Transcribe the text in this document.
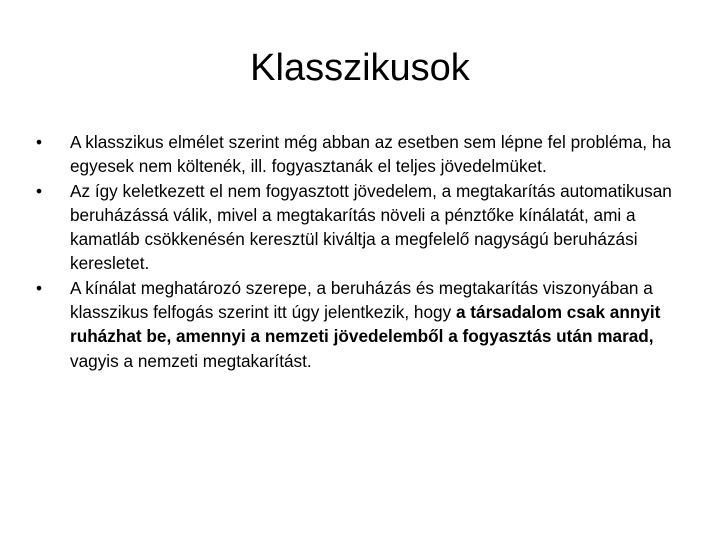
Klasszikusok
•	A klasszikus elmélet szerint még abban az esetben sem lépne fel probléma, ha egyesek nem költenék, ill. fogyasztanák el teljes jövedelmüket.
•	Az így keletkezett el nem fogyasztott jövedelem, a megtakarítás automatikusan beruházássá válik, mivel a megtakarítás növeli a pénztőke kínálatát, ami a kamatláb csökkenésén keresztül kiváltja a megfelelő nagyságú beruházási keresletet.
•	A kínálat meghatározó szerepe, a beruházás és megtakarítás viszonyában a klasszikus felfogás szerint itt úgy jelentkezik, hogy a társadalom csak annyit ruházhat be, amennyi a nemzeti jövedelemből a fogyasztás után marad, vagyis a nemzeti megtakarítást.
